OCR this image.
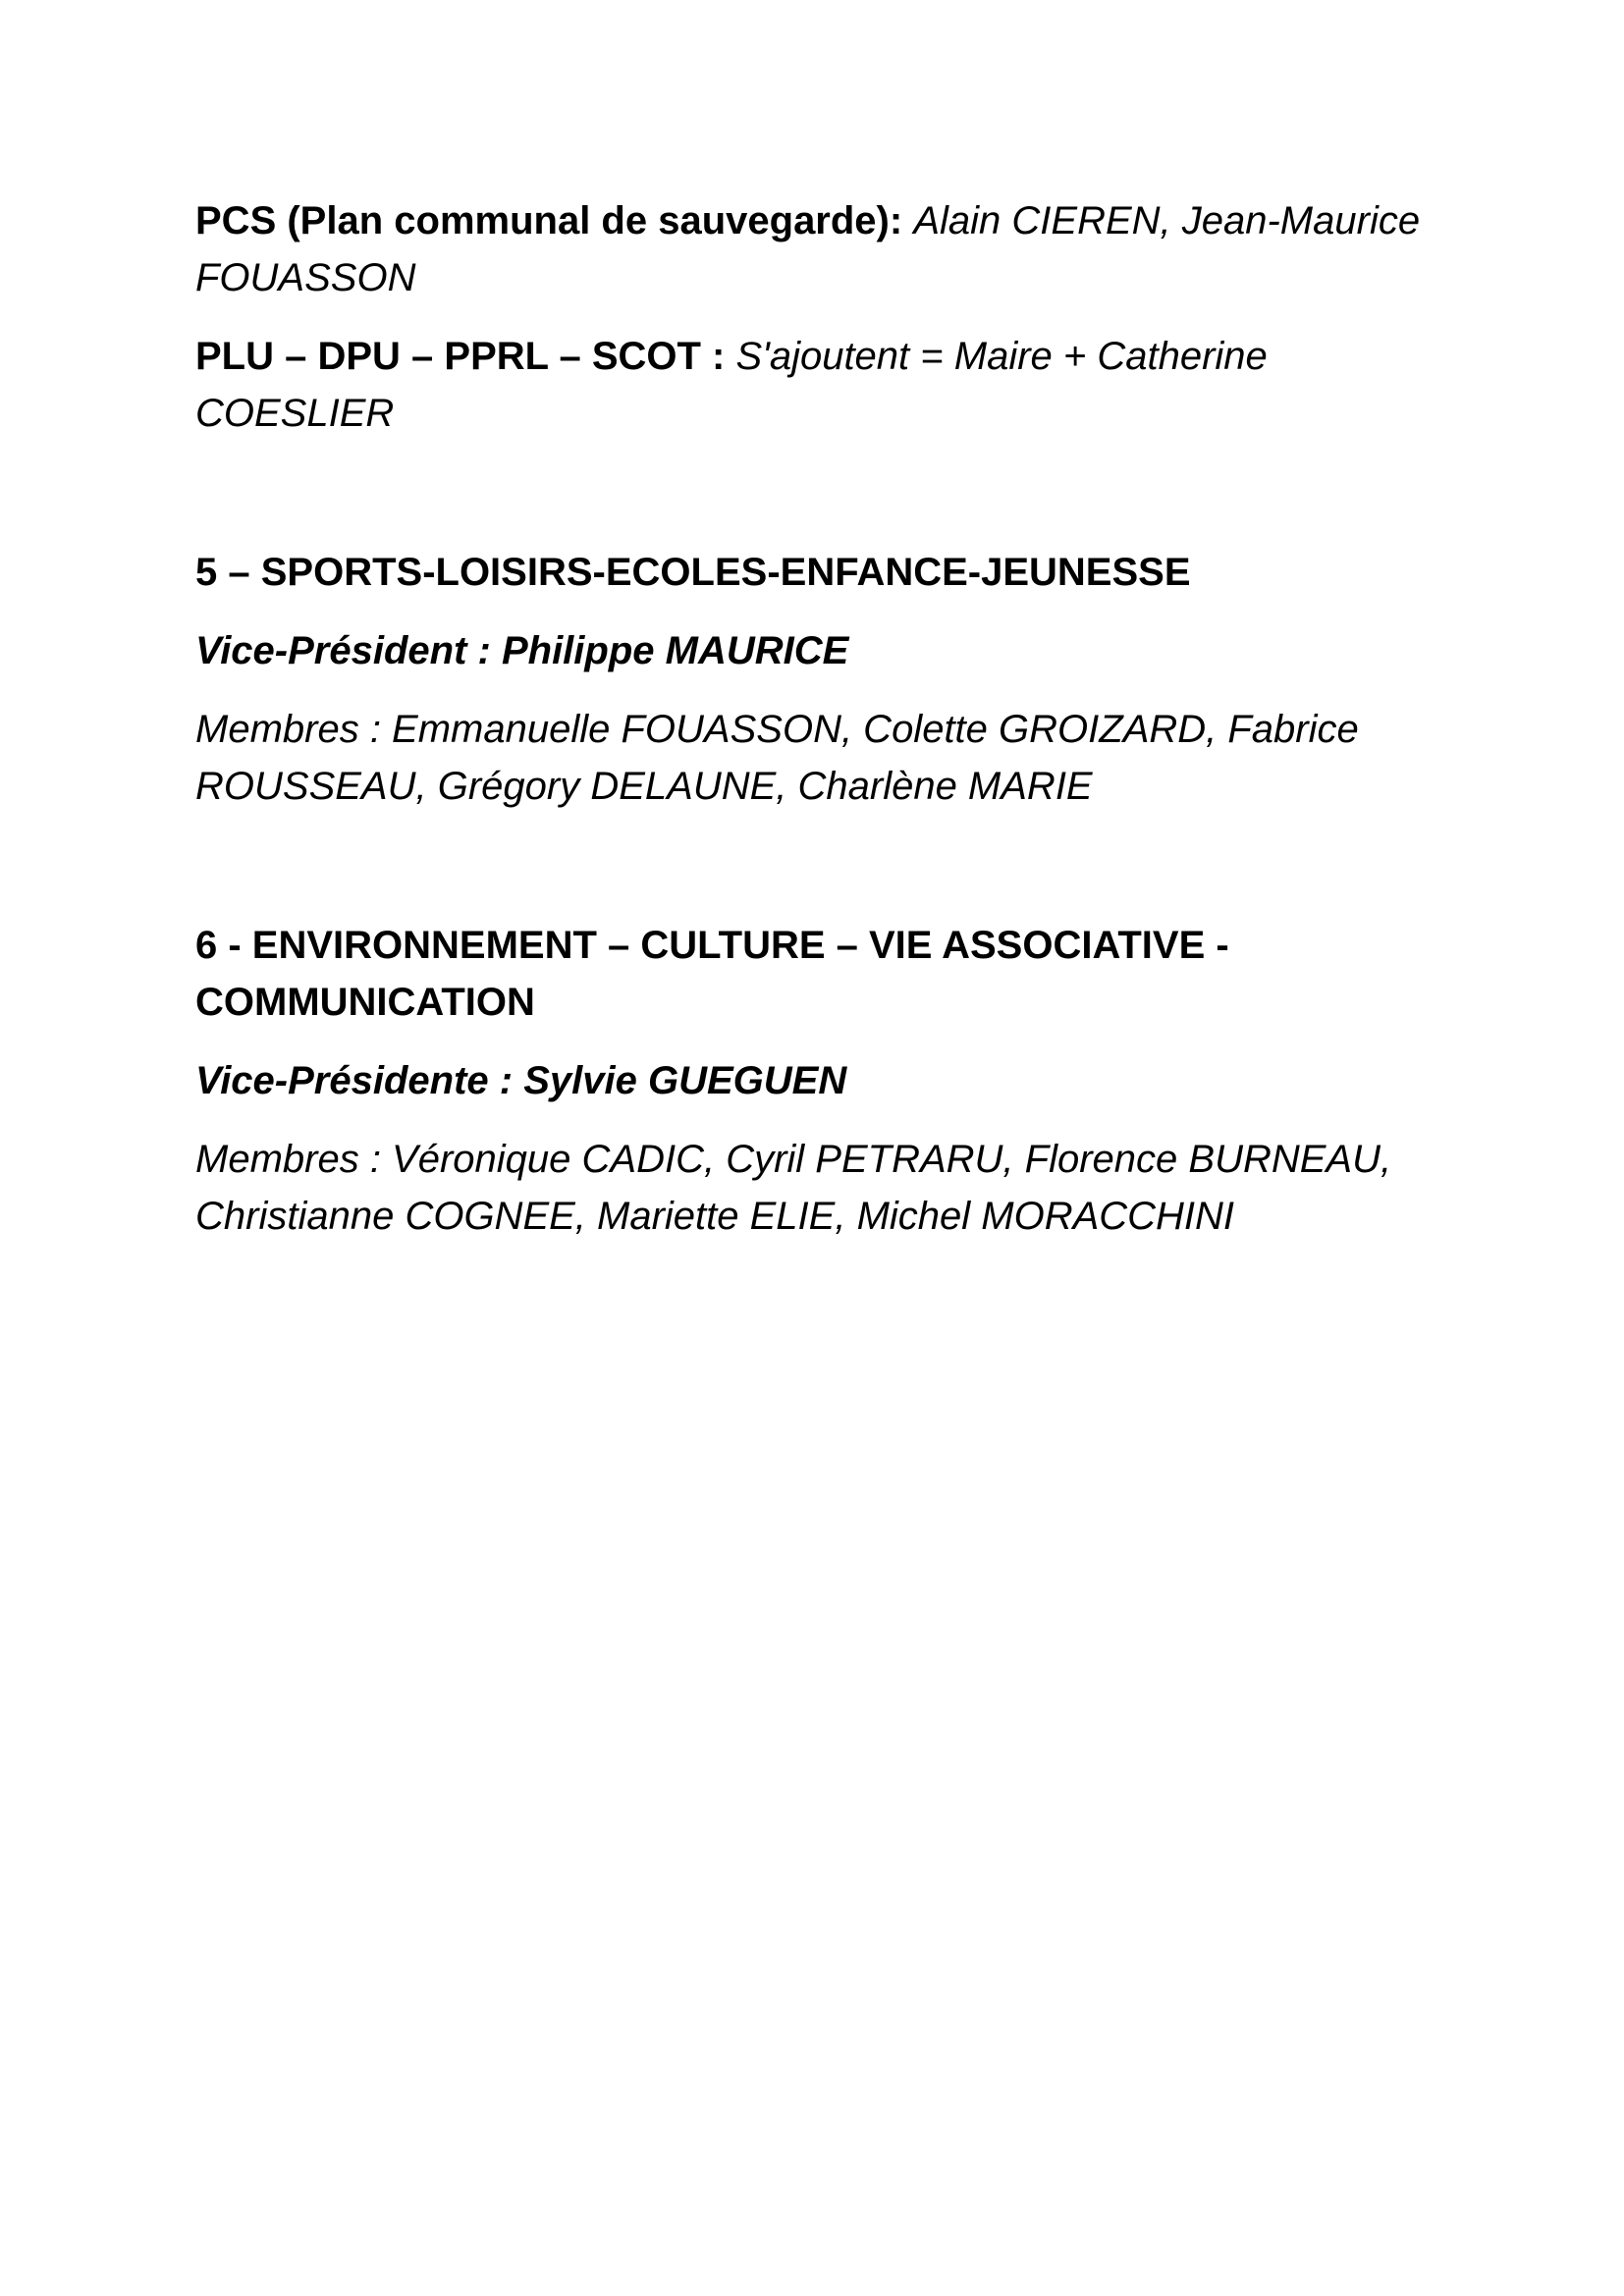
PCS (Plan communal de sauvegarde): Alain CIEREN, Jean-Maurice FOUASSON

PLU – DPU – PPRL – SCOT : S'ajoutent = Maire + Catherine COESLIER

5 – SPORTS-LOISIRS-ECOLES-ENFANCE-JEUNESSE

Vice-Président : Philippe MAURICE

Membres : Emmanuelle FOUASSON, Colette GROIZARD, Fabrice ROUSSEAU, Grégory DELAUNE, Charlène MARIE

6 - ENVIRONNEMENT – CULTURE – VIE ASSOCIATIVE - COMMUNICATION

Vice-Présidente : Sylvie GUEGUEN

Membres : Véronique CADIC, Cyril PETRARU, Florence BURNEAU, Christianne COGNEE, Mariette ELIE, Michel MORACCHINI
